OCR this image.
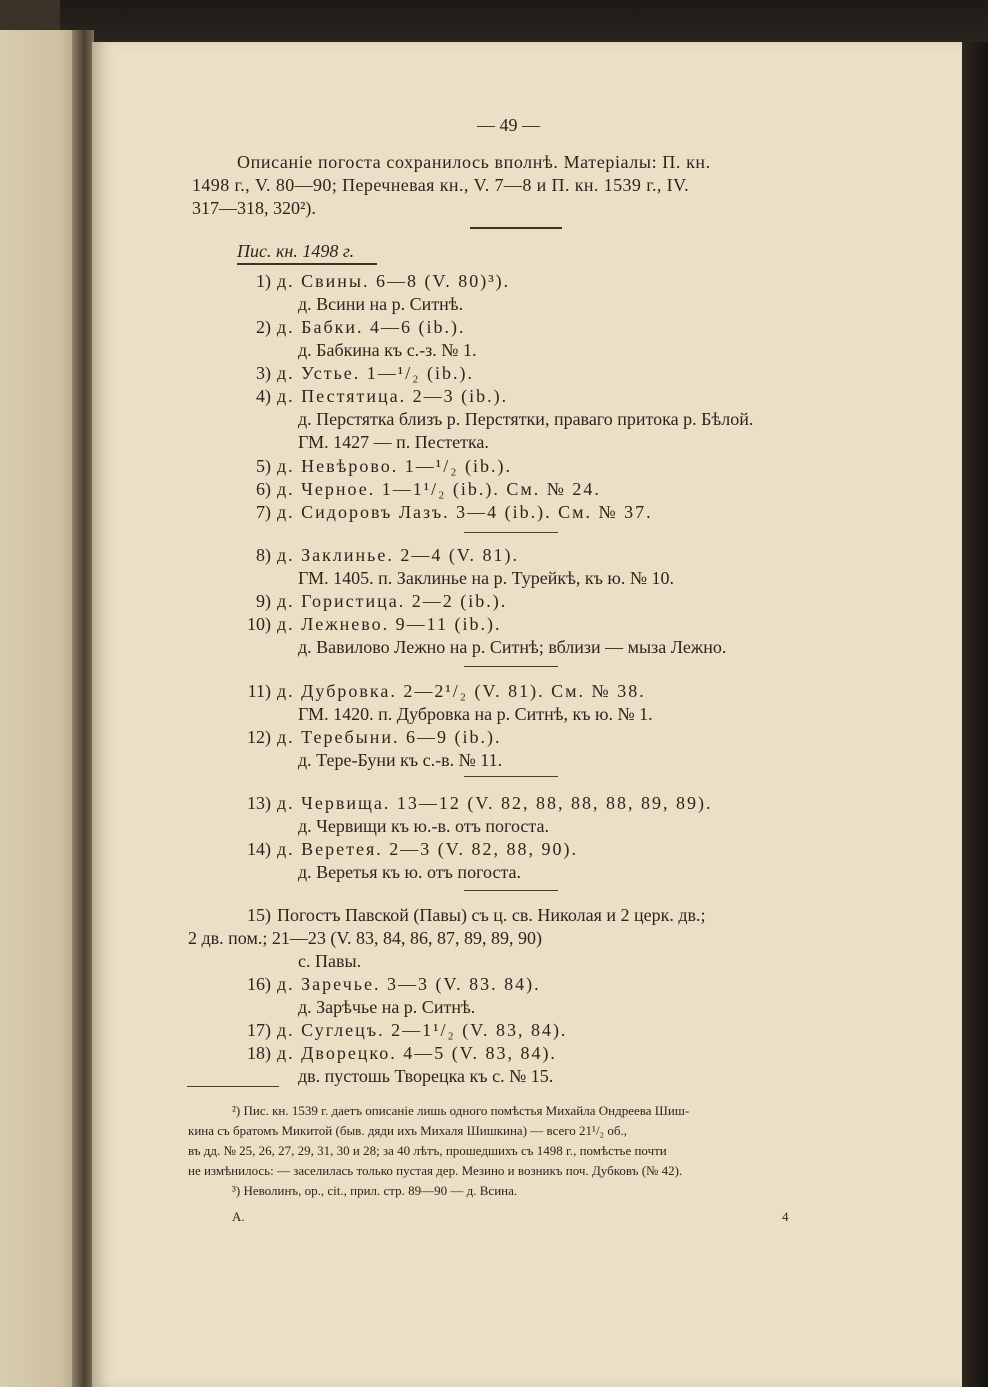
— 49 —
Описаніе погоста сохранилось вполнѣ. Матеріалы: П. кн.
1498 г., V. 80—90; Перечневая кн., V. 7—8 и П. кн. 1539 г., IV.
317—318, 320²).
Пис. кн. 1498 г.
1) д. Свины. 6—8 (V. 80)³).
д. Всини на р. Ситнѣ.
2) д. Бабки. 4—6 (ib.).
д. Бабкина къ с.-з. № 1.
3) д. Устье. 1—¹/₂ (ib.).
4) д. Пестятица. 2—3 (ib.).
д. Перстятка близъ р. Перстятки, праваго притока р. Бѣлой.
ГМ. 1427 — п. Пестетка.
5) д. Невѣрово. 1—¹/₂ (ib.).
6) д. Черное. 1—1¹/₂ (ib.). См. № 24.
7) д. Сидоровъ Лазъ. 3—4 (ib.). См. № 37.
8) д. Заклинье. 2—4 (V. 81).
ГМ. 1405. п. Заклинье на р. Турейкѣ, къ ю. № 10.
9) д. Гористица. 2—2 (ib.).
10) д. Лежнево. 9—11 (ib.).
д. Вавилово Лежно на р. Ситнѣ; вблизи — мыза Лежно.
11) д. Дубровка. 2—2¹/₂ (V. 81). См. № 38.
ГМ. 1420. п. Дубровка на р. Ситнѣ, къ ю. № 1.
12) д. Теребыни. 6—9 (ib.).
д. Тере-Буни къ с.-в. № 11.
13) д. Червища. 13—12 (V. 82, 88, 88, 88, 89, 89).
д. Червищи къ ю.-в. отъ погоста.
14) д. Веретея. 2—3 (V. 82, 88, 90).
д. Веретья къ ю. отъ погоста.
15) Погостъ Павской (Павы) съ ц. св. Николая и 2 церк. дв.;
2 дв. пом.; 21—23 (V. 83, 84, 86, 87, 89, 89, 90)
с. Павы.
16) д. Заречье. 3—3 (V. 83. 84).
д. Зарѣчье на р. Ситнѣ.
17) д. Суглецъ. 2—1¹/₂ (V. 83, 84).
18) д. Дворецко. 4—5 (V. 83, 84).
дв. пустошь Творецка къ с. № 15.
²) Пис. кн. 1539 г. даетъ описаніе лишь одного помѣстья Михайла Ондреева Шиш-
кина съ братомъ Микитой (быв. дяди ихъ Михаля Шишкина) — всего 21¹/₂ об.,
въ дд. № 25, 26, 27, 29, 31, 30 и 28; за 40 лѣтъ, прошедшихъ съ 1498 г., помѣстье почти
не измѣнилось: — заселилась только пустая дер. Мезино и возникъ поч. Дубковъ (№ 42).
³) Неволинъ, ор., cit., прил. стр. 89—90 — д. Всина.
А.	4
